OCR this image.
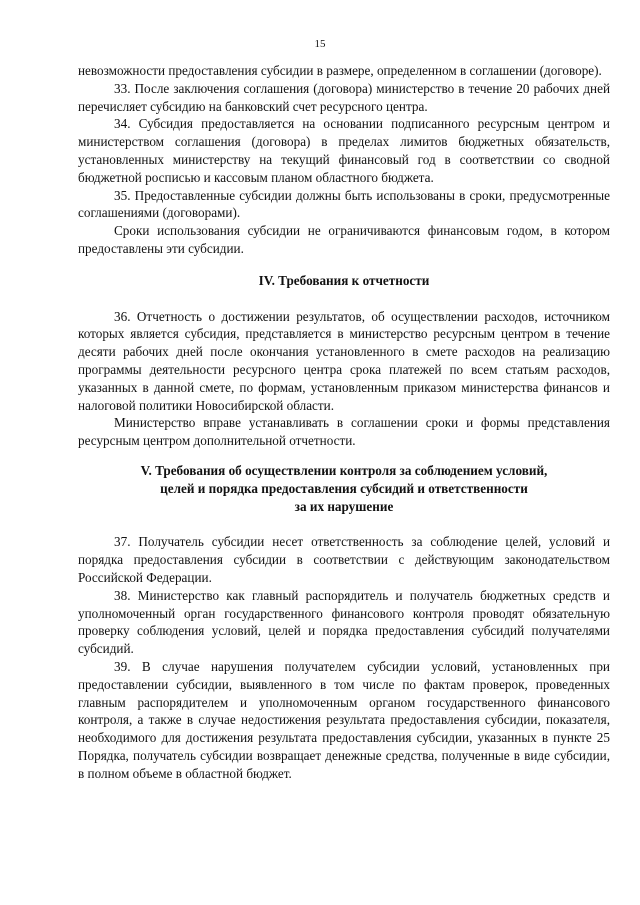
15

невозможности предоставления субсидии в размере, определенном в соглашении (договоре).

33. После заключения соглашения (договора) министерство в течение 20 рабочих дней перечисляет субсидию на банковский счет ресурсного центра.

34. Субсидия предоставляется на основании подписанного ресурсным центром и министерством соглашения (договора) в пределах лимитов бюджетных обязательств, установленных министерству на текущий финансовый год в соответствии со сводной бюджетной росписью и кассовым планом областного бюджета.

35. Предоставленные субсидии должны быть использованы в сроки, предусмотренные соглашениями (договорами).

Сроки использования субсидии не ограничиваются финансовым годом, в котором предоставлены эти субсидии.

IV. Требования к отчетности

36. Отчетность о достижении результатов, об осуществлении расходов, источником которых является субсидия, представляется в министерство ресурсным центром в течение десяти рабочих дней после окончания установленного в смете расходов на реализацию программы деятельности ресурсного центра срока платежей по всем статьям расходов, указанных в данной смете, по формам, установленным приказом министерства финансов и налоговой политики Новосибирской области.

Министерство вправе устанавливать в соглашении сроки и формы представления ресурсным центром дополнительной отчетности.

V. Требования об осуществлении контроля за соблюдением условий,
целей и порядка предоставления субсидий и ответственности
за их нарушение

37. Получатель субсидии несет ответственность за соблюдение целей, условий и порядка предоставления субсидии в соответствии с действующим законодательством Российской Федерации.

38. Министерство как главный распорядитель и получатель бюджетных средств и уполномоченный орган государственного финансового контроля проводят обязательную проверку соблюдения условий, целей и порядка предоставления субсидий получателями субсидий.

39. В случае нарушения получателем субсидии условий, установленных при предоставлении субсидии, выявленного в том числе по фактам проверок, проведенных главным распорядителем и уполномоченным органом государственного финансового контроля, а также в случае недостижения результата предоставления субсидии, показателя, необходимого для достижения результата предоставления субсидии, указанных в пункте 25 Порядка, получатель субсидии возвращает денежные средства, полученные в виде субсидии, в полном объеме в областной бюджет.
